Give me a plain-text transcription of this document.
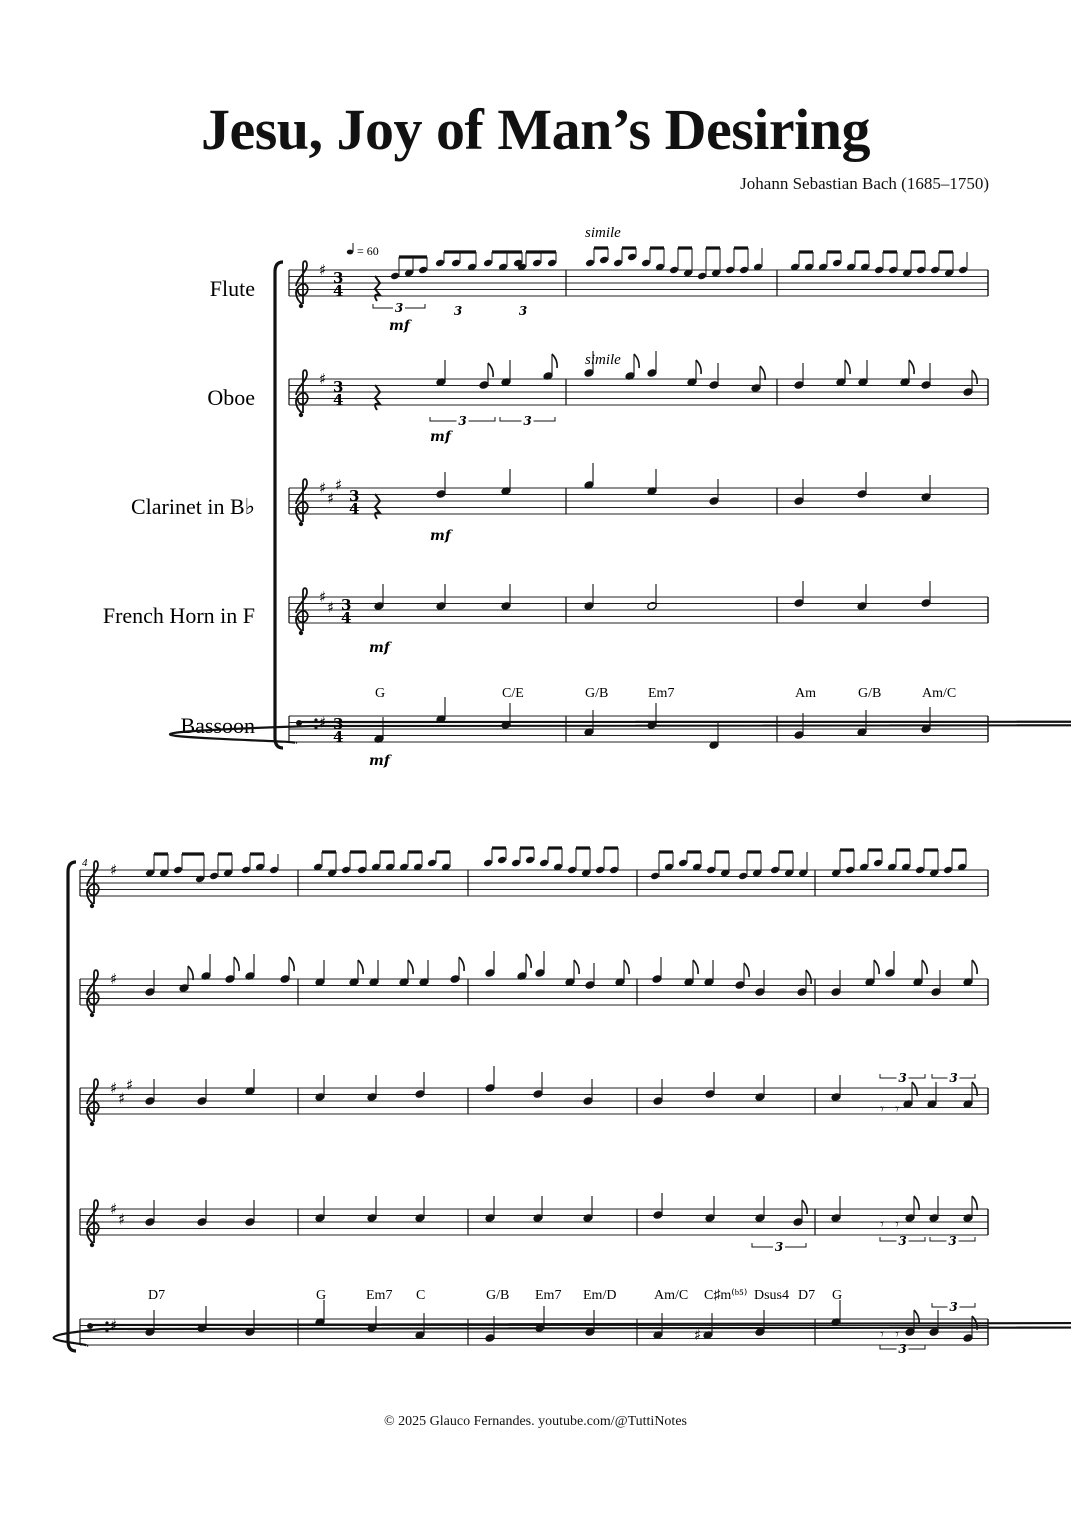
Jesu, Joy of Man’s Desiring
Johann Sebastian Bach (1685–1750)
Flute
Oboe
Clarinet in B♭
French Horn in F
Bassoon
♯ 3
4
♯ 3
4
♯
♯
♯
3
4
♯
♯ 3
4
♯ 3
4
= 60
simile
simile
3	3	3
mf
3	3
mf
mf
mf
mf
G	C/E	G/B	Em7	Am	G/B	Am/C
4 ♯
♯
♯
♯
♯
♯
♯
♯
𝄾 𝄾
3	3
3
𝄾 𝄾
3	3
♯	𝄾 𝄾
3
3
D7	G	Em7 C	G/B Em7 Em/D	Am/C C♯m⁽ᵇ⁵⁾ Dsus4 D7 G
© 2025 Glauco Fernandes. youtube.com/@TuttiNotes
